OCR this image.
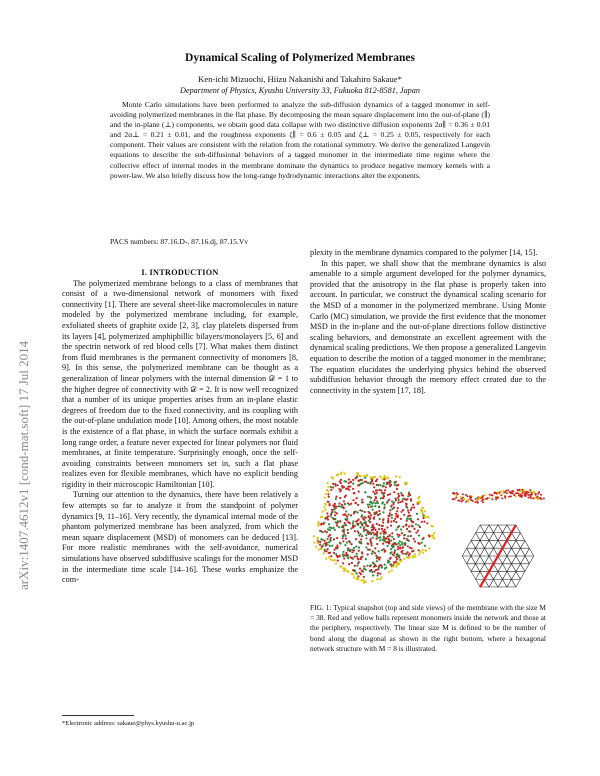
arXiv:1407.4612v1 [cond-mat.soft] 17 Jul 2014
Dynamical Scaling of Polymerized Membranes
Ken-ichi Mizuochi, Hiizu Nakanishi and Takahiro Sakaue*
Department of Physics, Kyushu University 33, Fukuoka 812-8581, Japan
Monte Carlo simulations have been performed to analyze the sub-diffusion dynamics of a tagged monomer in self-avoiding polymerized membranes in the flat phase. By decomposing the mean square displacement into the out-of-plane (∥) and the in-plane (⊥) components, we obtain good data collapse with two distinctive diffusion exponents 2α∥ = 0.36 ± 0.01 and 2α⊥ = 0.21 ± 0.01, and the roughness exponents ζ∥ = 0.6 ± 0.05 and ζ⊥ = 0.25 ± 0.05, respectively for each component. Their values are consistent with the relation from the rotational symmetry. We derive the generalized Langevin equations to describe the sub-diffusional behaviors of a tagged monomer in the intermediate time regime where the collective effect of internal modes in the membrane dominate the dynamics to produce negative memory kernels with a power-law. We also briefly discuss how the long-range hydrodynamic interactions alter the exponents.
PACS numbers: 87.16.D-, 87.16.dj, 87.15.Vv

I. INTRODUCTION

The polymerized membrane belongs to a class of membranes that consist of a two-dimensional network of monomers with fixed connectivity [1]. There are several sheet-like macromolecules in nature modeled by the polymerized membrane including, for example, exfoliated sheets of graphite oxide [2, 3], clay platelets dispersed from its layers [4], polymerized amphiphillic bilayers/monolayers [5, 6] and the spectrin network of red blood cells [7]. What makes them distinct from fluid membranes is the permanent connectivity of monomers [8, 9]. In this sense, the polymerized membrane can be thought as a generalization of linear polymers with the internal dimension 𝒟 = 1 to the higher degree of connectivity with 𝒟 = 2. It is now well recognized that a number of its unique properties arises from an in-plane elastic degrees of freedom due to the fixed connectivity, and its coupling with the out-of-plane undulation mode [10]. Among others, the most notable is the existence of a flat phase, in which the surface normals exhibit a long range order, a feature never expected for linear polymers nor fluid membranes, at finite temperature. Surprisingly enough, once the self-avoiding constraints between monomers set in, such a flat phase realizes even for flexible membranes, which have no explicit bending rigidity in their microscopic Hamiltonian [10].

Turning our attention to the dynamics, there have been relatively a few attempts so far to analyze it from the standpoint of polymer dynamics [9, 11–16]. Very recently, the dynamical internal mode of the phantom polymerized membrane has been analyzed, from which the mean square displacement (MSD) of monomers can be deduced [13]. For more realistic membranes with the self-avoidance, numerical simulations have observed subdiffusive scalings for the monomer MSD in the intermediate time scale [14–16]. These works emphasize the com-

plexity in the membrane dynamics compared to the polymer [14, 15].

In this paper, we shall show that the membrane dynamics is also amenable to a simple argument developed for the polymer dynamics, provided that the anisotropy in the flat phase is properly taken into account. In particular, we construct the dynamical scaling scenario for the MSD of a monomer in the polymerized membrane. Using Monte Carlo (MC) simulation, we provide the first evidence that the monomer MSD in the in-plane and the out-of-plane directions follow distinctive scaling behaviors, and demonstrate an excellent agreement with the dynamical scaling predictions. We then propose a generalized Langevin equation to describe the motion of a tagged monomer in the membrane; The equation elucidates the underlying physics behind the observed subdiffusion behavior through the memory effect created due to the connectivity in the system [17, 18].

FIG. 1: Typical snapshot (top and side views) of the membrane with the size M = 38. Red and yellow balls represent monomers inside the network and those at the periphery, respectively. The linear size M is defined to be the number of bond along the diagonal as shown in the right bottom, where a hexagonal network structure with M = 8 is illustrated.
*Electronic address: sakaue@phys.kyushu-u.ac.jp
